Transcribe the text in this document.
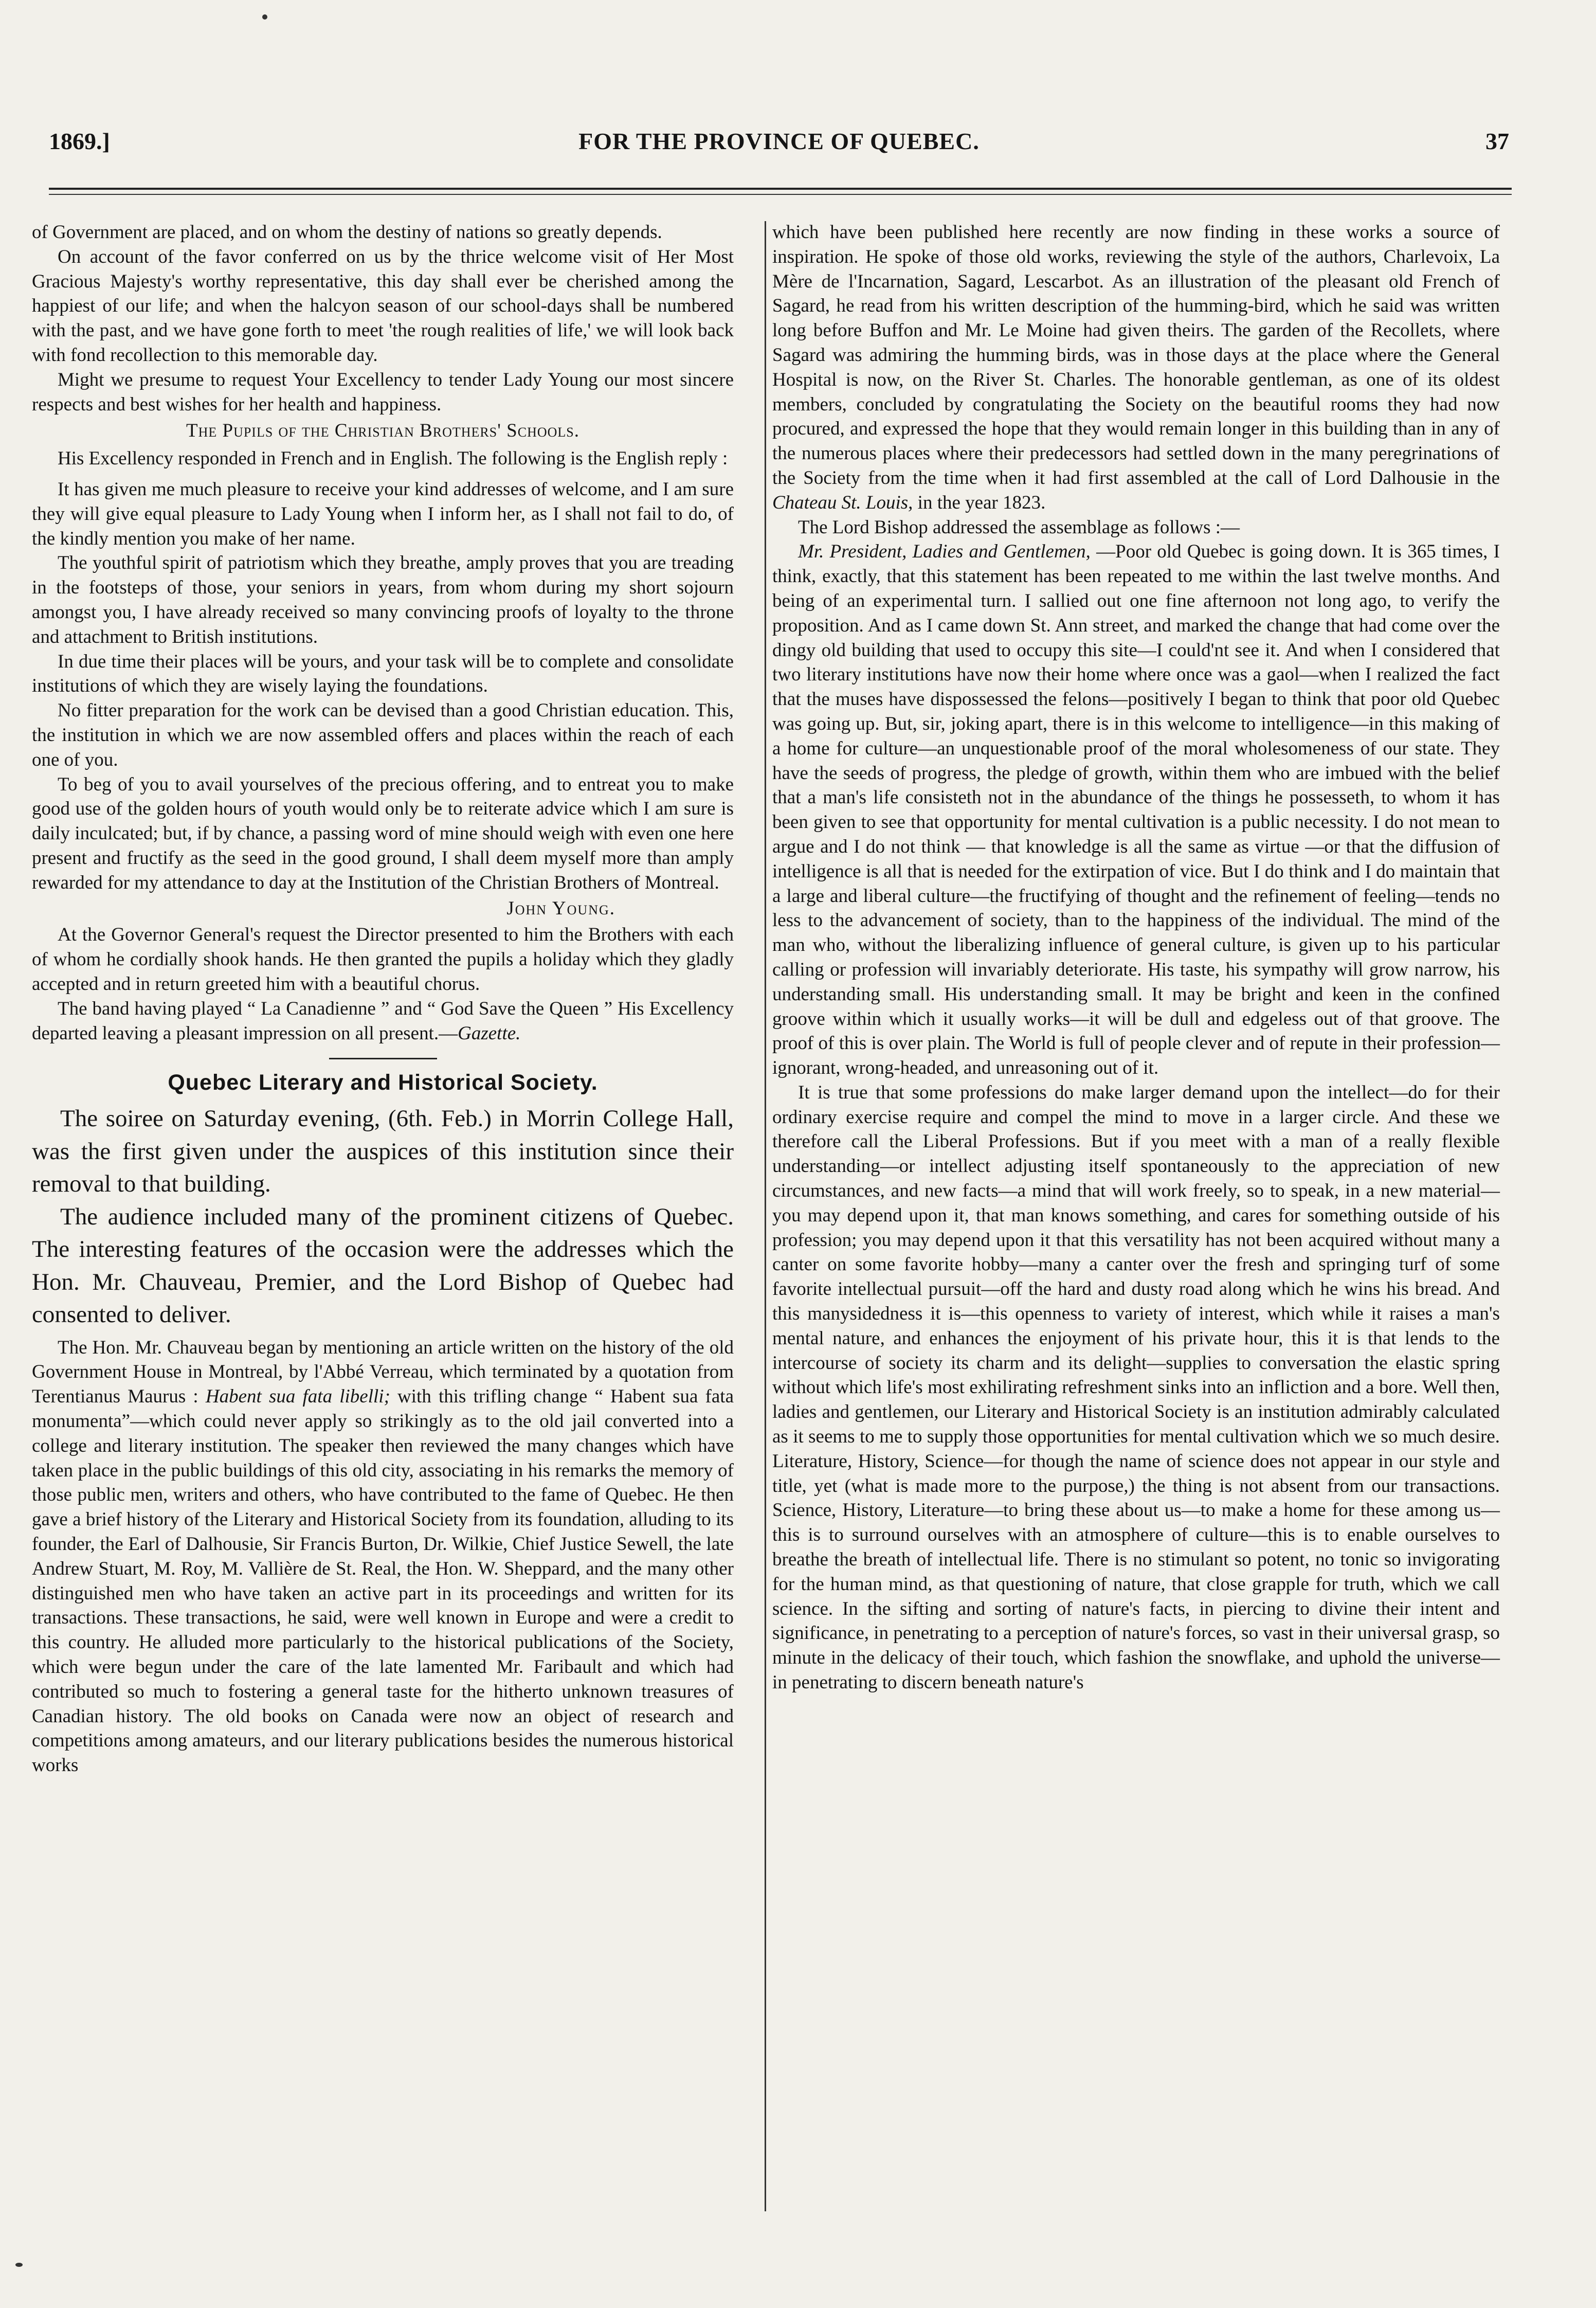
1869.]	FOR THE PROVINCE OF QUEBEC.	37

of Government are placed, and on whom the destiny of nations so greatly depends.

On account of the favor conferred on us by the thrice welcome visit of Her Most Gracious Majesty's worthy representative, this day shall ever be cherished among the happiest of our life; and when the halcyon season of our school-days shall be numbered with the past, and we have gone forth to meet 'the rough realities of life,' we will look back with fond recollection to this memorable day.

Might we presume to request Your Excellency to tender Lady Young our most sincere respects and best wishes for her health and happiness.

The Pupils of the Christian Brothers' Schools.

His Excellency responded in French and in English. The following is the English reply :

It has given me much pleasure to receive your kind addresses of welcome, and I am sure they will give equal pleasure to Lady Young when I inform her, as I shall not fail to do, of the kindly mention you make of her name.

The youthful spirit of patriotism which they breathe, amply proves that you are treading in the footsteps of those, your seniors in years, from whom during my short sojourn amongst you, I have already received so many convincing proofs of loyalty to the throne and attachment to British institutions.

In due time their places will be yours, and your task will be to complete and consolidate institutions of which they are wisely laying the foundations.

No fitter preparation for the work can be devised than a good Christian education. This, the institution in which we are now assembled offers and places within the reach of each one of you.

To beg of you to avail yourselves of the precious offering, and to entreat you to make good use of the golden hours of youth would only be to reiterate advice which I am sure is daily inculcated; but, if by chance, a passing word of mine should weigh with even one here present and fructify as the seed in the good ground, I shall deem myself more than amply rewarded for my attendance to day at the Institution of the Christian Brothers of Montreal.

John Young.

At the Governor General's request the Director presented to him the Brothers with each of whom he cordially shook hands. He then granted the pupils a holiday which they gladly accepted and in return greeted him with a beautiful chorus.

The band having played “ La Canadienne ” and “ God Save the Queen ” His Excellency departed leaving a pleasant impression on all present.—Gazette.

Quebec Literary and Historical Society.

The soiree on Saturday evening, (6th. Feb.) in Morrin College Hall, was the first given under the auspices of this institution since their removal to that building.

The audience included many of the prominent citizens of Quebec. The interesting features of the occasion were the addresses which the Hon. Mr. Chauveau, Premier, and the Lord Bishop of Quebec had consented to deliver.

The Hon. Mr. Chauveau began by mentioning an article written on the history of the old Government House in Montreal, by l'Abbé Verreau, which terminated by a quotation from Terentianus Maurus : Habent sua fata libelli; with this trifling change “ Habent sua fata monumenta”—which could never apply so strikingly as to the old jail converted into a college and literary institution. The speaker then reviewed the many changes which have taken place in the public buildings of this old city, associating in his remarks the memory of those public men, writers and others, who have contributed to the fame of Quebec. He then gave a brief history of the Literary and Historical Society from its foundation, alluding to its founder, the Earl of Dalhousie, Sir Francis Burton, Dr. Wilkie, Chief Justice Sewell, the late Andrew Stuart, M. Roy, M. Vallière de St. Real, the Hon. W. Sheppard, and the many other distinguished men who have taken an active part in its proceedings and written for its transactions. These transactions, he said, were well known in Europe and were a credit to this country. He alluded more particularly to the historical publications of the Society, which were begun under the care of the late lamented Mr. Faribault and which had contributed so much to fostering a general taste for the hitherto unknown treasures of Canadian history. The old books on Canada were now an object of research and competitions among amateurs, and our literary publications besides the numerous historical works

which have been published here recently are now finding in these works a source of inspiration. He spoke of those old works, reviewing the style of the authors, Charlevoix, La Mère de l'Incarnation, Sagard, Lescarbot. As an illustration of the pleasant old French of Sagard, he read from his written description of the humming-bird, which he said was written long before Buffon and Mr. Le Moine had given theirs. The garden of the Recollets, where Sagard was admiring the humming birds, was in those days at the place where the General Hospital is now, on the River St. Charles. The honorable gentleman, as one of its oldest members, concluded by congratulating the Society on the beautiful rooms they had now procured, and expressed the hope that they would remain longer in this building than in any of the numerous places where their predecessors had settled down in the many peregrinations of the Society from the time when it had first assembled at the call of Lord Dalhousie in the Chateau St. Louis, in the year 1823.

The Lord Bishop addressed the assemblage as follows :—

Mr. President, Ladies and Gentlemen, —Poor old Quebec is going down. It is 365 times, I think, exactly, that this statement has been repeated to me within the last twelve months. And being of an experimental turn. I sallied out one fine afternoon not long ago, to verify the proposition. And as I came down St. Ann street, and marked the change that had come over the dingy old building that used to occupy this site—I could'nt see it. And when I considered that two literary institutions have now their home where once was a gaol—when I realized the fact that the muses have dispossessed the felons—positively I began to think that poor old Quebec was going up. But, sir, joking apart, there is in this welcome to intelligence—in this making of a home for culture—an unquestionable proof of the moral wholesomeness of our state. They have the seeds of progress, the pledge of growth, within them who are imbued with the belief that a man's life consisteth not in the abundance of the things he possesseth, to whom it has been given to see that opportunity for mental cultivation is a public necessity. I do not mean to argue and I do not think — that knowledge is all the same as virtue —or that the diffusion of intelligence is all that is needed for the extirpation of vice. But I do think and I do maintain that a large and liberal culture—the fructifying of thought and the refinement of feeling—tends no less to the advancement of society, than to the happiness of the individual. The mind of the man who, without the liberalizing influence of general culture, is given up to his particular calling or profession will invariably deteriorate. His taste, his sympathy will grow narrow, his understanding small. His understanding small. It may be bright and keen in the confined groove within which it usually works—it will be dull and edgeless out of that groove. The proof of this is over plain. The World is full of people clever and of repute in their profession—ignorant, wrong-headed, and unreasoning out of it.

It is true that some professions do make larger demand upon the intellect—do for their ordinary exercise require and compel the mind to move in a larger circle. And these we therefore call the Liberal Professions. But if you meet with a man of a really flexible understanding—or intellect adjusting itself spontaneously to the appreciation of new circumstances, and new facts—a mind that will work freely, so to speak, in a new material—you may depend upon it, that man knows something, and cares for something outside of his profession; you may depend upon it that this versatility has not been acquired without many a canter on some favorite hobby—many a canter over the fresh and springing turf of some favorite intellectual pursuit—off the hard and dusty road along which he wins his bread. And this manysidedness it is—this openness to variety of interest, which while it raises a man's mental nature, and enhances the enjoyment of his private hour, this it is that lends to the intercourse of society its charm and its delight—supplies to conversation the elastic spring without which life's most exhilirating refreshment sinks into an infliction and a bore. Well then, ladies and gentlemen, our Literary and Historical Society is an institution admirably calculated as it seems to me to supply those opportunities for mental cultivation which we so much desire. Literature, History, Science—for though the name of science does not appear in our style and title, yet (what is made more to the purpose,) the thing is not absent from our transactions. Science, History, Literature—to bring these about us—to make a home for these among us—this is to surround ourselves with an atmosphere of culture—this is to enable ourselves to breathe the breath of intellectual life. There is no stimulant so potent, no tonic so invigorating for the human mind, as that questioning of nature, that close grapple for truth, which we call science. In the sifting and sorting of nature's facts, in piercing to divine their intent and significance, in penetrating to a perception of nature's forces, so vast in their universal grasp, so minute in the delicacy of their touch, which fashion the snowflake, and uphold the universe—in penetrating to discern beneath nature's
